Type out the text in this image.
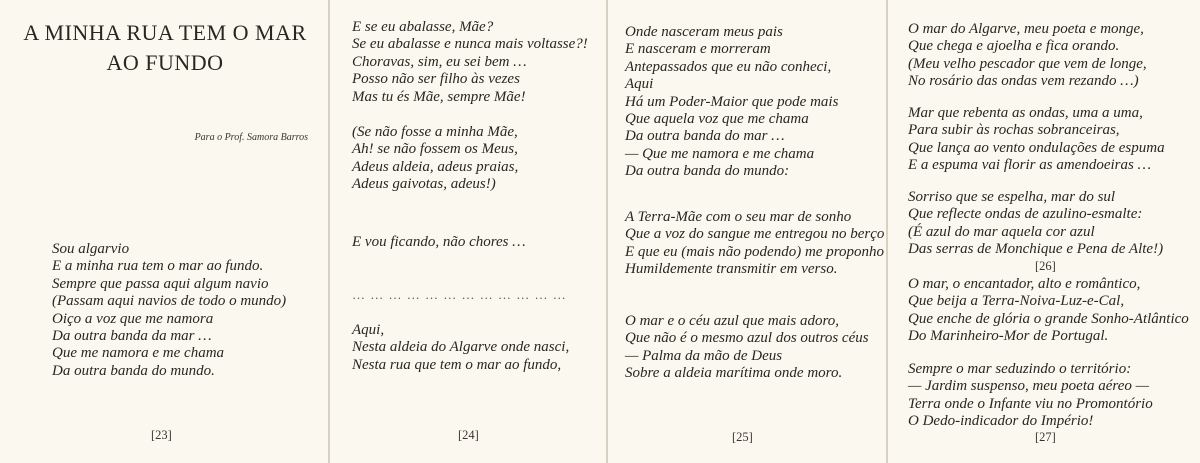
A MINHA RUA TEM O MAR
AO FUNDO
Para o Prof. Samora Barros
[23]	[24]
… … … … … … … … … … … …
[25]
[26]
[27]
Sou algarvio
E a minha rua tem o mar ao fundo.
Sempre que passa aqui algum navio
(Passam aqui navios de todo o mundo)
Oiço a voz que me namora
Da outra banda da mar …
Que me namora e me chama
Da outra banda do mundo.
E se eu abalasse, Mãe?
Se eu abalasse e nunca mais voltasse?!
Choravas, sim, eu sei bem …
Posso não ser filho às vezes
Mas tu és Mãe, sempre Mãe!
(Se não fosse a minha Mãe,
Ah! se não fossem os Meus,
Adeus aldeia, adeus praias,
Adeus gaivotas, adeus!)
E vou ficando, não chores …
Aqui,
Nesta aldeia do Algarve onde nasci,
Nesta rua que tem o mar ao fundo,
Onde nasceram meus pais
E nasceram e morreram
Antepassados que eu não conheci,
Aqui
Há um Poder-Maior que pode mais
Que aquela voz que me chama
Da outra banda do mar …
— Que me namora e me chama
Da outra banda do mundo:
A Terra-Mãe com o seu mar de sonho
Que a voz do sangue me entregou no berço
E que eu (mais não podendo) me proponho
Humildemente transmitir em verso.
O mar e o céu azul que mais adoro,
Que não é o mesmo azul dos outros céus
— Palma da mão de Deus
Sobre a aldeia marítima onde moro.
O mar do Algarve, meu poeta e monge,
Que chega e ajoelha e fica orando.
(Meu velho pescador que vem de longe,
No rosário das ondas vem rezando …)
Mar que rebenta as ondas, uma a uma,
Para subir às rochas sobranceiras,
Que lança ao vento ondulações de espuma
E a espuma vai florir as amendoeiras …
Sorriso que se espelha, mar do sul
Que reflecte ondas de azulino-esmalte:
(É azul do mar aquela cor azul
Das serras de Monchique e Pena de Alte!)
O mar, o encantador, alto e romântico,
Que beija a Terra-Noiva-Luz-e-Cal,
Que enche de glória o grande Sonho-Atlântico
Do Marinheiro-Mor de Portugal.
Sempre o mar seduzindo o território:
— Jardim suspenso, meu poeta aéreo —
Terra onde o Infante viu no Promontório
O Dedo-indicador do Império!
